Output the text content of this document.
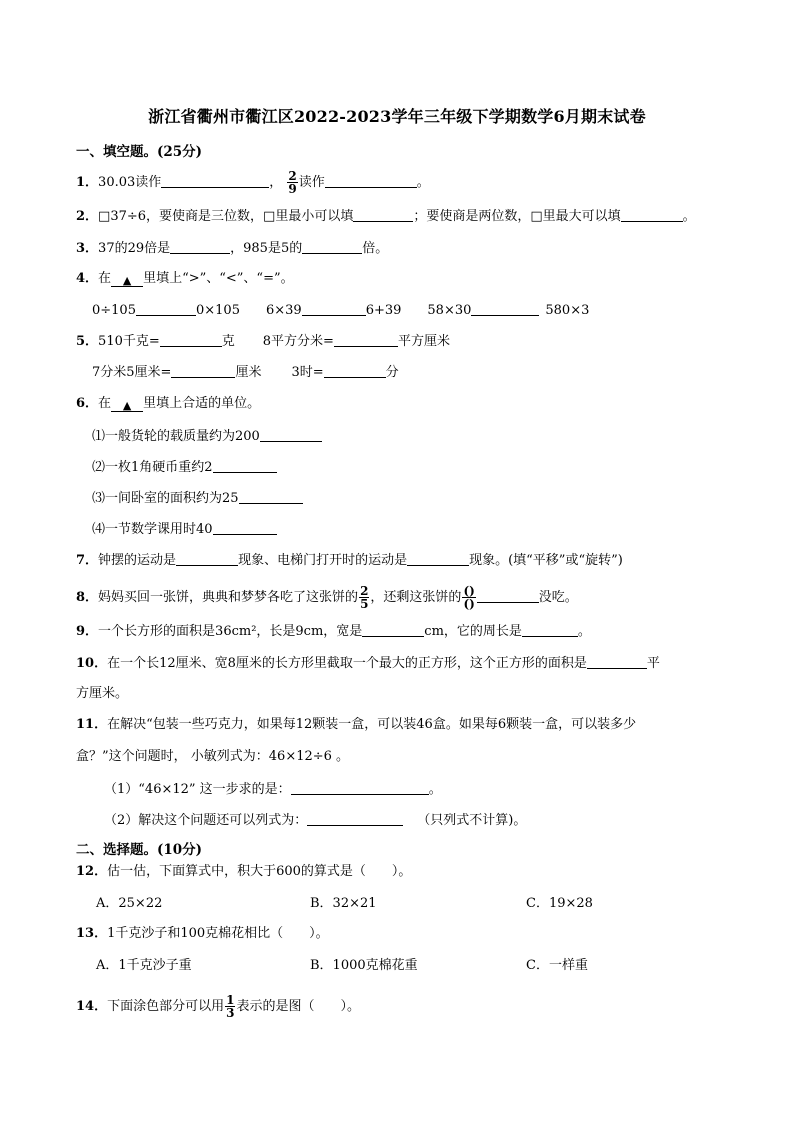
浙江省衢州市衢江区2022-2023学年三年级下学期数学6月期末试卷
一、填空题。(25分)
1．30.03读作	， $\frac{2}{9}$ 读作	。
2．□37÷6，要使商是三位数，□里最小可以填	；要使商是两位数，□里最大可以填	。
3．37的29倍是	，985是5的	倍。
4．在 ▲ 里填上“>”、“<”、“=”。
0÷105	0×105 6×39	6+39 58×30	580×3
5．510千克=	克 8平方分米=	平方厘米
7分米5厘米=	厘米 3时=	分
6．在 ▲ 里填上合适的单位。
⑴一般货轮的载质量约为200
⑵一枚1角硬币重约2
⑶一间卧室的面积约为25
⑷一节数学课用时40
7．钟摆的运动是	现象、电梯门打开时的运动是	现象。(填“平移”或“旋转”)
8．妈妈买回一张饼，典典和梦梦各吃了这张饼的 $\frac{2}{5}$ ，还剩这张饼的 $\frac{()}{()}$	没吃。
9．一个长方形的面积是36cm²，长是9cm，宽是	cm，它的周长是	。
10．在一个长12厘米、宽8厘米的长方形里截取一个最大的正方形，这个正方形的面积是	平
方厘米。
11．在解决“包装一些巧克力，如果每12颗装一盒，可以装46盒。如果每6颗装一盒，可以装多少
盒？”这个问题时， 小敏列式为：46×12÷6 。
（1）“46×12” 这一步求的是：	。
（2）解决这个问题还可以列式为：	（只列式不计算)。
二、选择题。(10分)
12．估一估，下面算式中，积大于600的算式是（　　）。
A．25×22	B．32×21	C．19×28
13．1千克沙子和100克棉花相比（　　）。
A．1千克沙子重	B．1000克棉花重	C．一样重
14．下面涂色部分可以用 $\frac{1}{3}$ 表示的是图（　　）。
